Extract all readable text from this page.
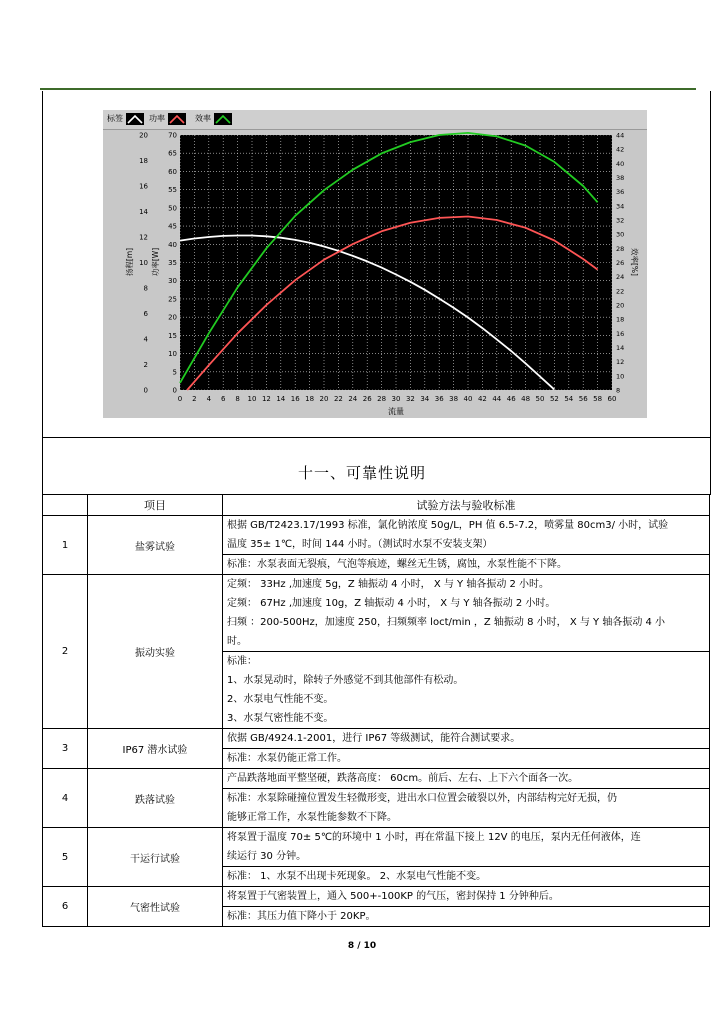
标签	功率	效率
0 2 4 6 8 10 12 14 16 18 20 22 24 26 28 30 32 34 36 38 40 42 44 46 48 50 52 54 56 58 60
0
5
10
15
20
25
30
35
40
45
50
55
60
65
70
0
2
4
6
8
10
12
14
16
18
20
8
10
12
14
16
18
20
22
24
26
28
30
32
34
36
38
40
42
44
流量
扬程[m] 功率[W]	效率[%]
十一、可靠性说明
	项目	试验方法与验收标准
1	盐雾试验	根据 GB/T2423.17/1993 标准，氯化钠浓度 50g/L，PH 值 6.5-7.2，喷雾量 80cm3/ 小时，试验
温度 35± 1℃，时间 144 小时。（测试时水泵不安装支架）

		标准：水泵表面无裂痕，气泡等痕迹，螺丝无生锈，腐蚀，水泵性能不下降。

2	振动实验	定频： 33Hz ,加速度 5g，Z 轴振动 4 小时， X 与 Y 轴各振动 2 小时。
定频： 67Hz ,加速度 10g，Z 轴振动 4 小时， X 与 Y 轴各振动 2 小时。
扫频 ：200-500Hz，加速度 250，扫频频率 loct/min ，Z 轴振动 8 小时， X 与 Y 轴各振动 4 小
时。

		标准：
1、水泵晃动时，除转子外感觉不到其他部件有松动。
2、水泵电气性能不变。
3、水泵气密性能不变。

3	IP67 潜水试验	依据 GB/4924.1-2001，进行 IP67 等级测试，能符合测试要求。

		标准：水泵仍能正常工作。

4	跌落试验	产品跌落地面平整坚硬，跌落高度： 60cm。前后、左右、上下六个面各一次。

		标准：水泵除碰撞位置发生轻微形变，进出水口位置会破裂以外，内部结构完好无损，仍
能够正常工作，水泵性能参数不下降。

5	干运行试验	将泵置于温度 70± 5℃的环境中 1 小时，再在常温下接上 12V 的电压，泵内无任何液体，连
续运行 30 分钟。

		标准： 1、水泵不出现卡死现象。 2、水泵电气性能不变。

6	气密性试验	将泵置于气密装置上，通入 500+-100KP 的气压，密封保持 1 分钟种后。

		标准：其压力值下降小于 20KP。
8 / 10
